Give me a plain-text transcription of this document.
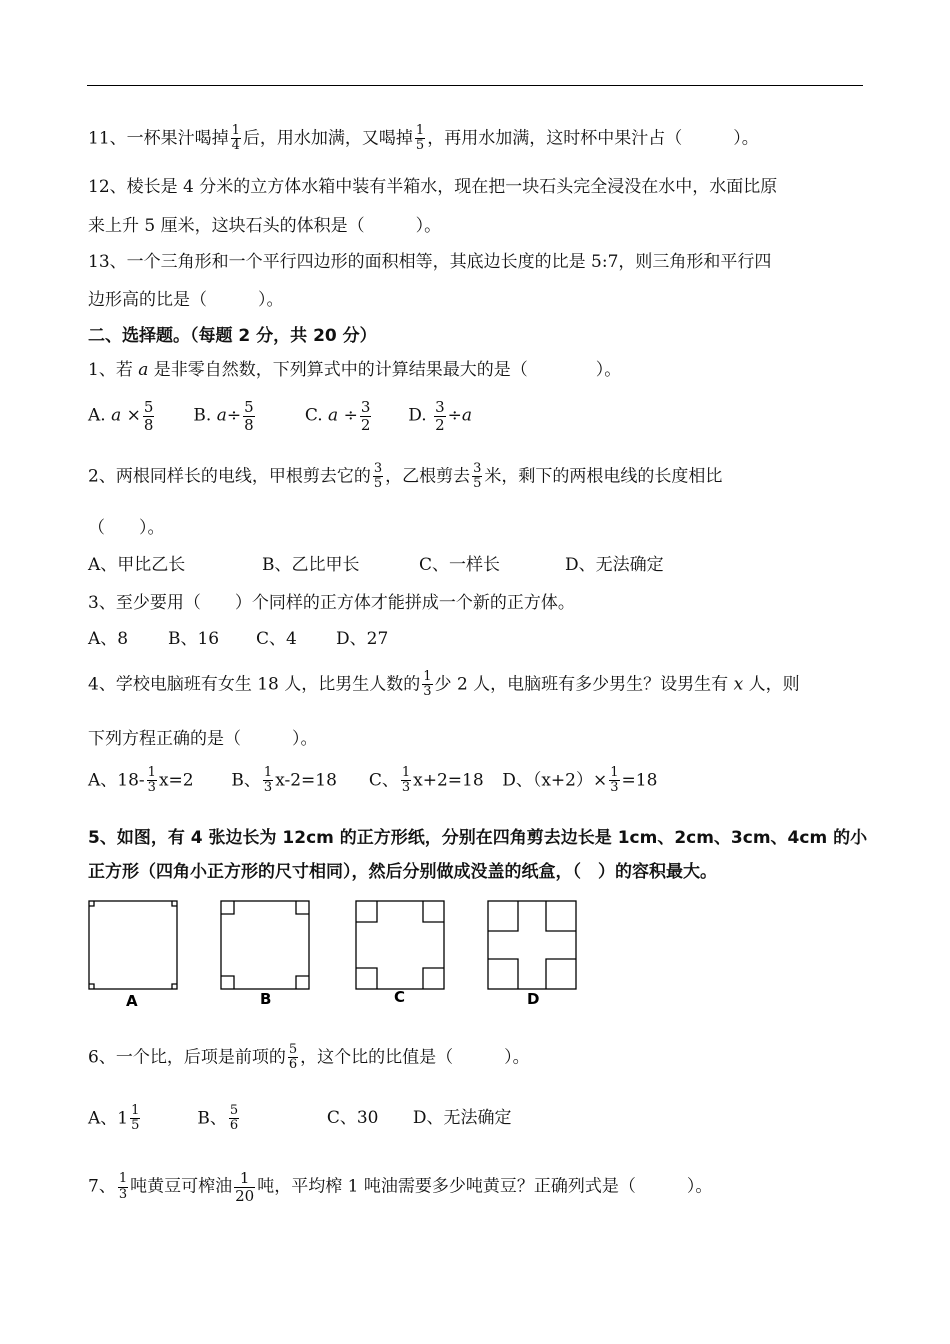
11、一杯果汁喝掉 $\frac{1}{4}$ 后，用水加满，又喝掉 $\frac{1}{5}$ ，再用水加满，这时杯中果汁占（　　　）。
12、棱长是 4 分米的立方体水箱中装有半箱水，现在把一块石头完全浸没在水中，水面比原
来上升 5 厘米，这块石头的体积是（　　　）。
13、一个三角形和一个平行四边形的面积相等，其底边长度的比是 5:7，则三角形和平行四
边形高的比是（　　　）。
二、选择题。（每题 2 分，共 20 分）
1、若 a 是非零自然数，下列算式中的计算结果最大的是（　　　　）。
A. $a \times \frac{5}{8} B$. $a\div \frac{5}{8}$	C. $a \div \frac{3}{2} D$. $\frac{3}{2} \div a$
2、两根同样长的电线，甲根剪去它的 $\frac{3}{5}$ ，乙根剪去 $\frac{3}{5}$ 米，剩下的两根电线的长度相比
（　　）。
A、甲比乙长	B、乙比甲长	C、一样长	D、无法确定
3、至少要用（　　）个同样的正方体才能拼成一个新的正方体。
A、8 B、16 C、4 D、27
4、学校电脑班有女生 18 人，比男生人数的 $\frac{1}{3}$ 少 2 人，电脑班有多少男生？设男生有 x 人，则
下列方程正确的是（　　　）。
A、$18- \frac{1}{3} x=2$ B、 $\frac{1}{3} x-2=18$ C、 $\frac{1}{3} x+2=18$ D、$(x+2)\times \frac{1}{3} =18$
5、如图，有 4 张边长为 12cm 的正方形纸，分别在四角剪去边长是 1cm、2cm、3cm、4cm 的小
正方形（四角小正方形的尺寸相同），然后分别做成没盖的纸盒，（　）的容积最大。
A	B	C	D
6、一个比，后项是前项的 $\frac{5}{6}$ ，这个比的比值是（　　　）。
A、$1 \frac{1}{5}$	B、 $\frac{5}{6}$	C、30 D、无法确定
7、 $\frac{1}{3}$ 吨黄豆可榨油 $\frac{1}{20}$ 吨，平均榨 1 吨油需要多少吨黄豆？正确列式是（　　　）。
